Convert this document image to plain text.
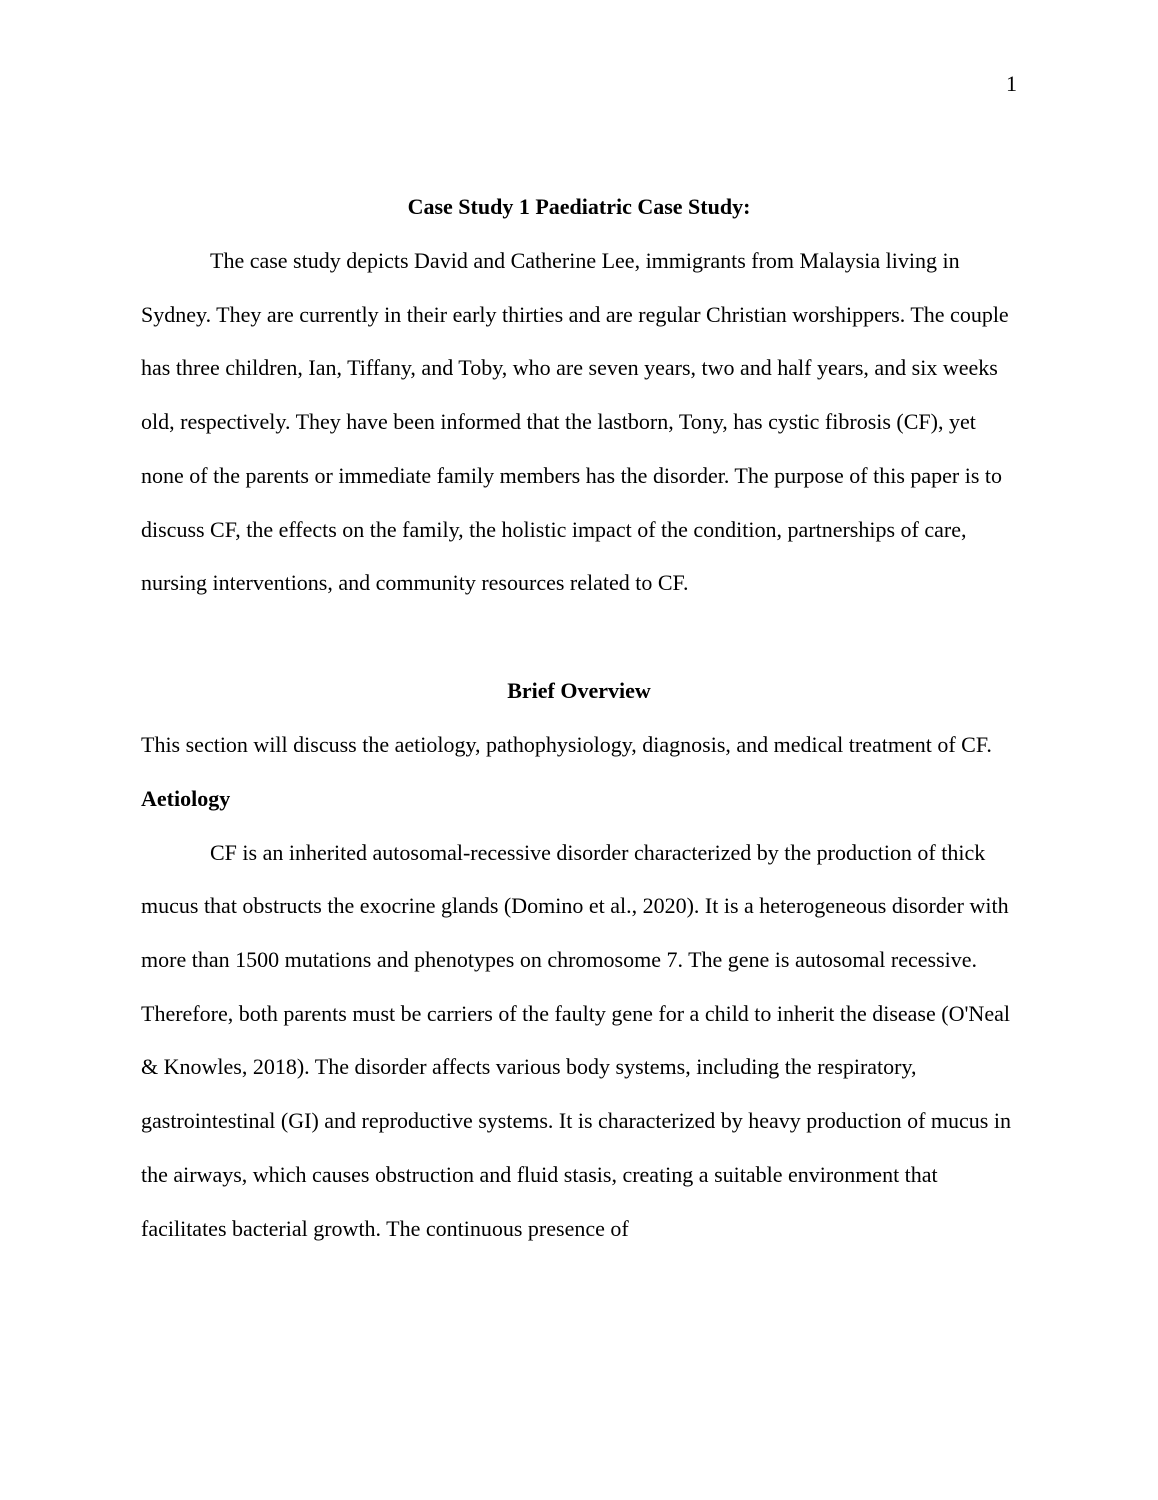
1

Case Study 1 Paediatric Case Study:

The case study depicts David and Catherine Lee, immigrants from Malaysia living in Sydney. They are currently in their early thirties and are regular Christian worshippers. The couple has three children, Ian, Tiffany, and Toby, who are seven years, two and half years, and six weeks old, respectively. They have been informed that the lastborn, Tony, has cystic fibrosis (CF), yet none of the parents or immediate family members has the disorder. The purpose of this paper is to discuss CF, the effects on the family, the holistic impact of the condition, partnerships of care, nursing interventions, and community resources related to CF.

Brief Overview

This section will discuss the aetiology, pathophysiology, diagnosis, and medical treatment of CF.

Aetiology

CF is an inherited autosomal-recessive disorder characterized by the production of thick mucus that obstructs the exocrine glands (Domino et al., 2020). It is a heterogeneous disorder with more than 1500 mutations and phenotypes on chromosome 7. The gene is autosomal recessive. Therefore, both parents must be carriers of the faulty gene for a child to inherit the disease (O'Neal & Knowles, 2018). The disorder affects various body systems, including the respiratory, gastrointestinal (GI) and reproductive systems. It is characterized by heavy production of mucus in the airways, which causes obstruction and fluid stasis, creating a suitable environment that facilitates bacterial growth. The continuous presence of
